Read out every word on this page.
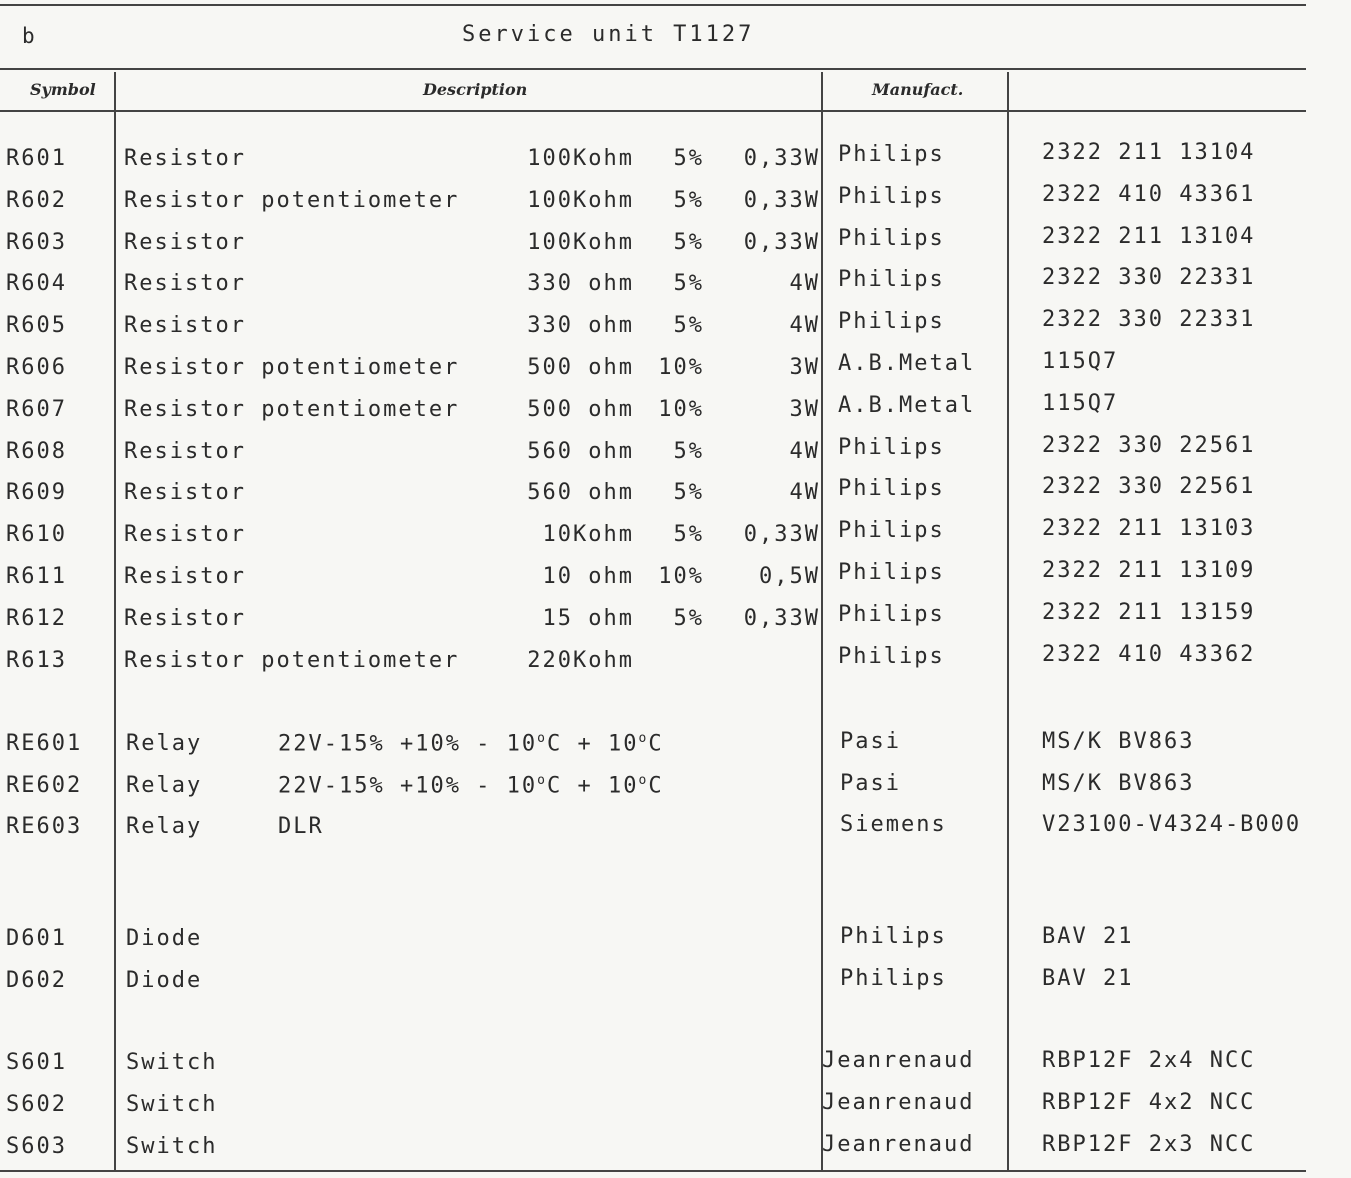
b	Service unit T1127
Symbol	Description	Manufact.
R601	Resistor	100Kohm	5%	0,33W Philips	2322 211 13104
R602	Resistor potentiometer	100Kohm	5%	0,33W Philips	2322 410 43361
R603	Resistor	100Kohm	5%	0,33W Philips	2322 211 13104
R604	Resistor	330 ohm	5%	4W Philips	2322 330 22331
R605	Resistor	330 ohm	5%	4W Philips	2322 330 22331
R606	Resistor potentiometer	500 ohm	10%	3W A.B.Metal	115Q7
R607	Resistor potentiometer	500 ohm	10%	3W A.B.Metal	115Q7
R608	Resistor	560 ohm	5%	4W Philips	2322 330 22561
R609	Resistor	560 ohm	5%	4W Philips	2322 330 22561
R610	Resistor	10Kohm	5%	0,33W Philips	2322 211 13103
R611	Resistor	10 ohm	10%	0,5W Philips	2322 211 13109
R612	Resistor	15 ohm	5%	0,33W Philips	2322 211 13159
R613	Resistor potentiometer	220Kohm	Philips	2322 410 43362
RE601 Relay	$22V-15\% +10\% - 10^oC + 10^oC$	Pasi	MS/K BV863
RE602 Relay	$22V-15\% +10\% - 10^oC + 10^oC$	Pasi	MS/K BV863
RE603 Relay	DLR	Siemens	V23100-V4324-B000
D601	Diode	Philips	BAV 21
D602	Diode	Philips	BAV 21
S601	Switch	Jeanrenaud	RBP12F 2x4 NCC
S602	Switch	Jeanrenaud	RBP12F 4x2 NCC
S603	Switch	Jeanrenaud	RBP12F 2x3 NCC
